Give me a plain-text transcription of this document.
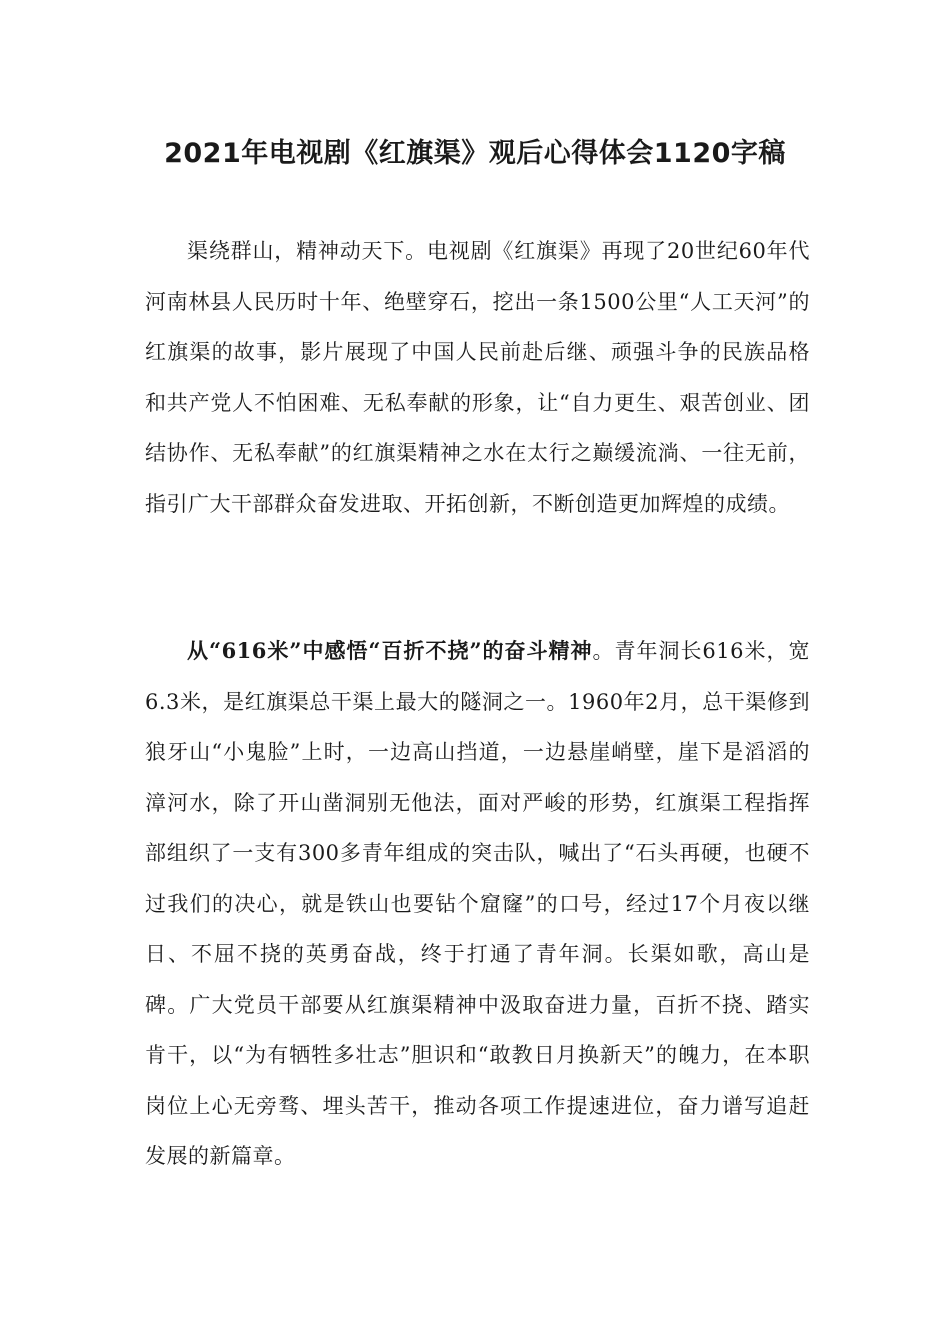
2021年电视剧《红旗渠》观后心得体会1120字稿

渠绕群山，精神动天下。电视剧《红旗渠》再现了20世纪60年代河南林县人民历时十年、绝壁穿石，挖出一条1500公里“人工天河”的红旗渠的故事，影片展现了中国人民前赴后继、顽强斗争的民族品格和共产党人不怕困难、无私奉献的形象，让“自力更生、艰苦创业、团结协作、无私奉献”的红旗渠精神之水在太行之巅缓流淌、一往无前，指引广大干部群众奋发进取、开拓创新，不断创造更加辉煌的成绩。

从“616米”中感悟“百折不挠”的奋斗精神。青年洞长616米，宽6.3米，是红旗渠总干渠上最大的隧洞之一。1960年2月，总干渠修到狼牙山“小鬼脸”上时，一边高山挡道，一边悬崖峭壁，崖下是滔滔的漳河水，除了开山凿洞别无他法，面对严峻的形势，红旗渠工程指挥部组织了一支有300多青年组成的突击队，喊出了“石头再硬，也硬不过我们的决心，就是铁山也要钻个窟窿”的口号，经过17个月夜以继日、不屈不挠的英勇奋战，终于打通了青年洞。长渠如歌，高山是碑。广大党员干部要从红旗渠精神中汲取奋进力量，百折不挠、踏实肯干，以“为有牺牲多壮志”胆识和“敢教日月换新天”的魄力，在本职岗位上心无旁骛、埋头苦干，推动各项工作提速进位，奋力谱写追赶发展的新篇章。
